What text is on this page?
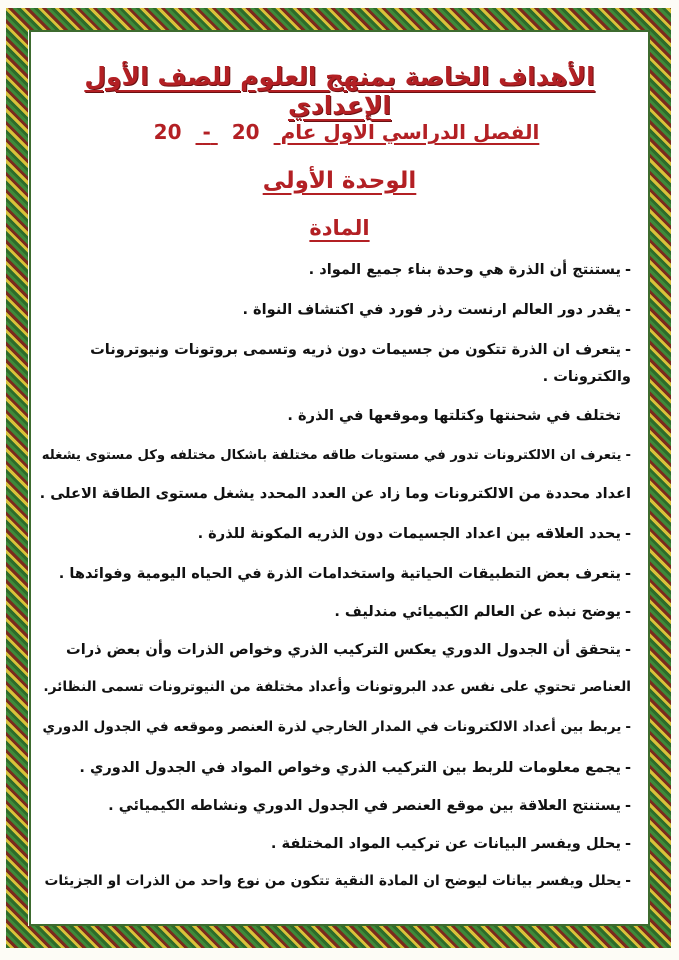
الأهداف الخاصة بمنهج العلوم للصف الأول الإعدادي
الفصل الدراسي الاول عام 20 - 20
الوحدة الأولى
المادة
-يستنتج أن الذرة هي وحدة بناء جميع المواد .
-يقدر دور العالم ارنست رذر فورد في اكتشاف النواة .
-يتعرف ان الذرة تتكون من جسيمات دون ذريه وتسمى بروتونات ونيوترونات والكترونات .
تختلف في شحنتها وكتلتها وموقعها في الذرة .
-يتعرف ان الالكترونات تدور في مستويات طاقه مختلفة باشكال مختلفه وكل مستوى يشغله
اعداد محددة من الالكترونات وما زاد عن العدد المحدد يشغل مستوى الطاقة الاعلى .
-يحدد العلاقه بين اعداد الجسيمات دون الذريه المكونة للذرة .
-يتعرف بعض التطبيقات الحياتية واستخدامات الذرة في الحياه اليومية وفوائدها .
-يوضح نبذه عن العالم الكيميائي مندليف .
-يتحقق أن الجدول الدوري يعكس التركيب الذري وخواص الذرات وأن بعض ذرات
العناصر تحتوي على نفس عدد البروتونات وأعداد مختلفة من النيوترونات تسمى النظائر.
-يربط بين أعداد الالكترونات في المدار الخارجي لذرة العنصر وموقعه في الجدول الدوري
-يجمع معلومات للربط بين التركيب الذري وخواص المواد في الجدول الدوري .
-يستنتج العلاقة بين موقع العنصر في الجدول الدوري ونشاطه الكيميائي .
-يحلل ويفسر البيانات عن تركيب المواد المختلفة .
-يحلل ويفسر بيانات ليوضح ان المادة النقية تتكون من نوع واحد من الذرات او الجزيئات
